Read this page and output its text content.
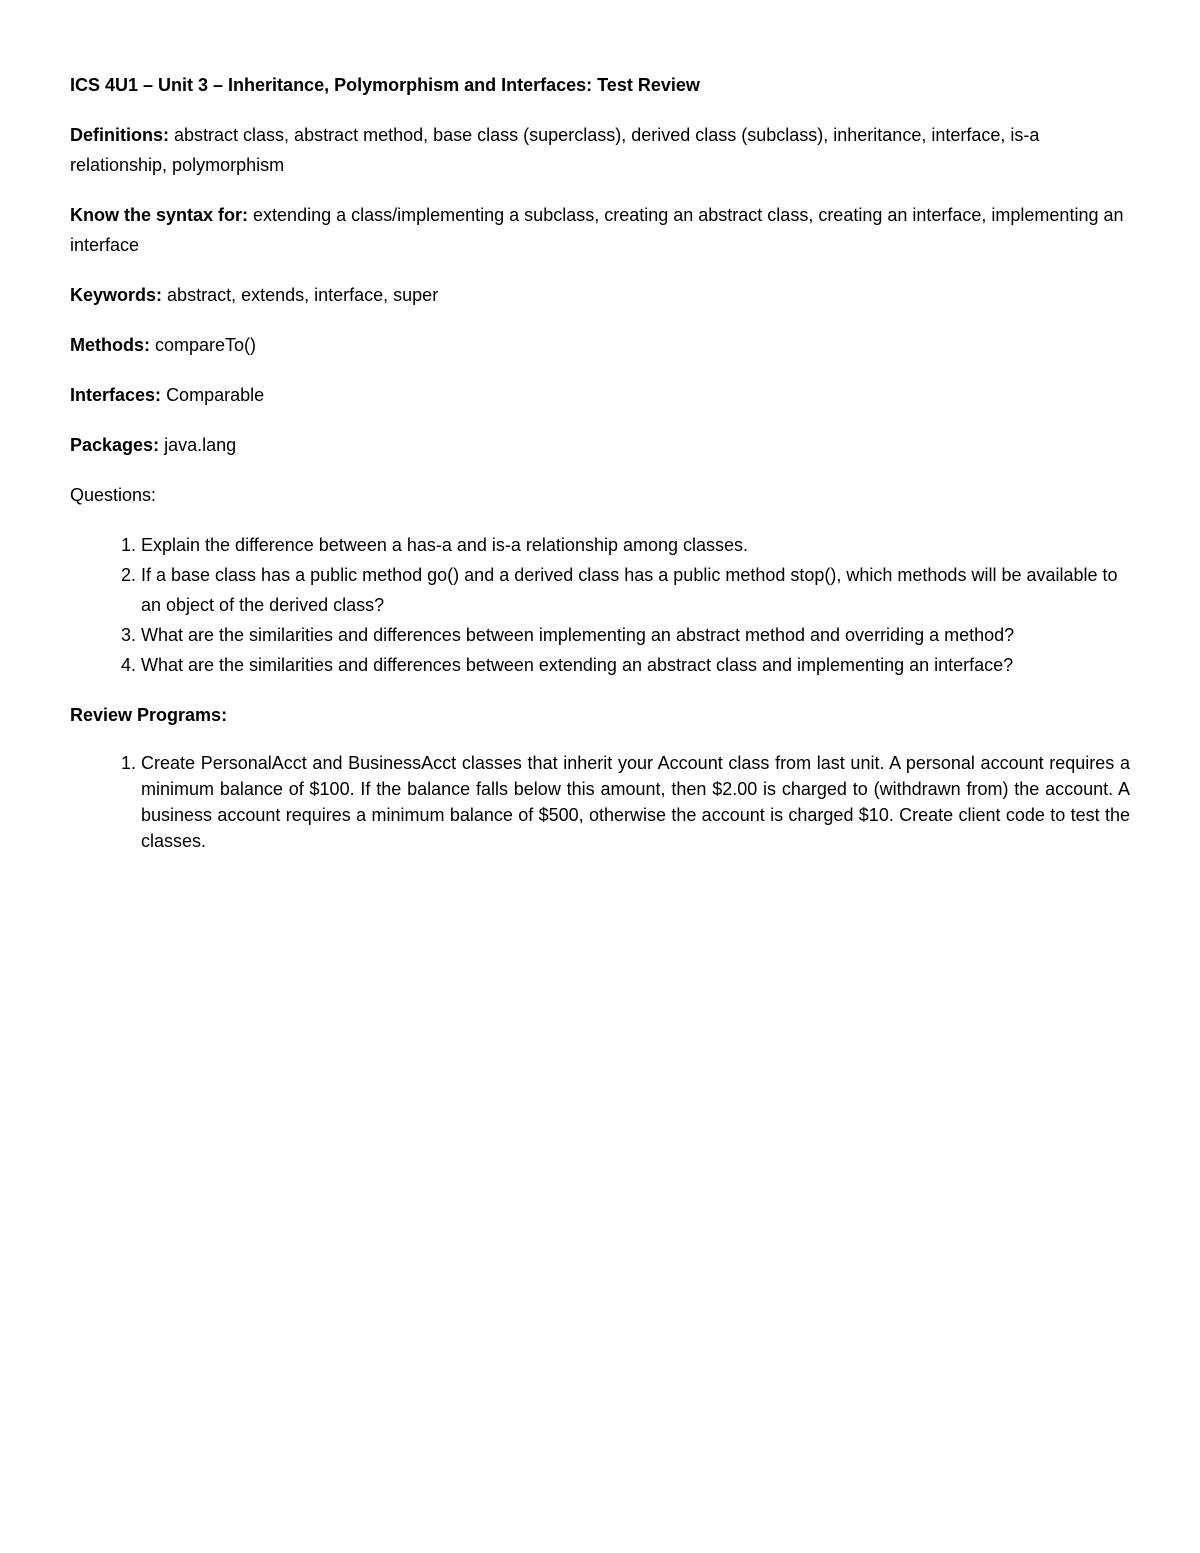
ICS 4U1 – Unit 3 – Inheritance, Polymorphism and Interfaces: Test Review

Definitions: abstract class, abstract method, base class (superclass), derived class (subclass), inheritance, interface, is-a relationship, polymorphism

Know the syntax for: extending a class/implementing a subclass, creating an abstract class, creating an interface, implementing an interface

Keywords: abstract, extends, interface, super

Methods: compareTo()

Interfaces: Comparable

Packages: java.lang

Questions:

1. Explain the difference between a has-a and is-a relationship among classes.
2. If a base class has a public method go() and a derived class has a public method stop(), which methods will be available to an object of the derived class?
3. What are the similarities and differences between implementing an abstract method and overriding a method?
4. What are the similarities and differences between extending an abstract class and implementing an interface?

Review Programs:

1. Create PersonalAcct and BusinessAcct classes that inherit your Account class from last unit. A personal account requires a minimum balance of $100. If the balance falls below this amount, then $2.00 is charged to (withdrawn from) the account. A business account requires a minimum balance of $500, otherwise the account is charged $10. Create client code to test the classes.
